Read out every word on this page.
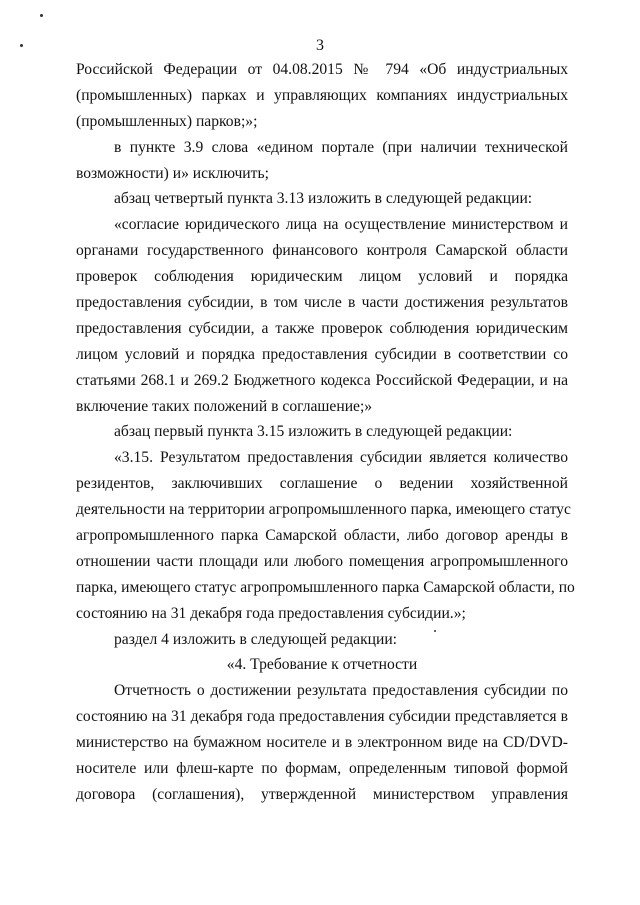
3
Российской Федерации от 04.08.2015 № 794 «Об индустриальных
(промышленных) парках и управляющих компаниях индустриальных
(промышленных) парков;»;
в пункте 3.9 слова «едином портале (при наличии технической
возможности) и» исключить;
абзац четвертый пункта 3.13 изложить в следующей редакции:
«согласие юридического лица на осуществление министерством и
органами государственного финансового контроля Самарской области
проверок соблюдения юридическим лицом условий и порядка
предоставления субсидии, в том числе в части достижения результатов
предоставления субсидии, а также проверок соблюдения юридическим
лицом условий и порядка предоставления субсидии в соответствии со
статьями 268.1 и 269.2 Бюджетного кодекса Российской Федерации, и на
включение таких положений в соглашение;»
абзац первый пункта 3.15 изложить в следующей редакции:
«3.15. Результатом предоставления субсидии является количество
резидентов, заключивших соглашение о ведении хозяйственной
деятельности на территории агропромышленного парка, имеющего статус
агропромышленного парка Самарской области, либо договор аренды в
отношении части площади или любого помещения агропромышленного
парка, имеющего статус агропромышленного парка Самарской области, по
состоянию на 31 декабря года предоставления субсидии.»;
раздел 4 изложить в следующей редакции:
«4. Требование к отчетности
Отчетность о достижении результата предоставления субсидии по
состоянию на 31 декабря года предоставления субсидии представляется в
министерство на бумажном носителе и в электронном виде на CD/DVD-
носителе или флеш-карте по формам, определенным типовой формой
договора (соглашения), утвержденной министерством управления
